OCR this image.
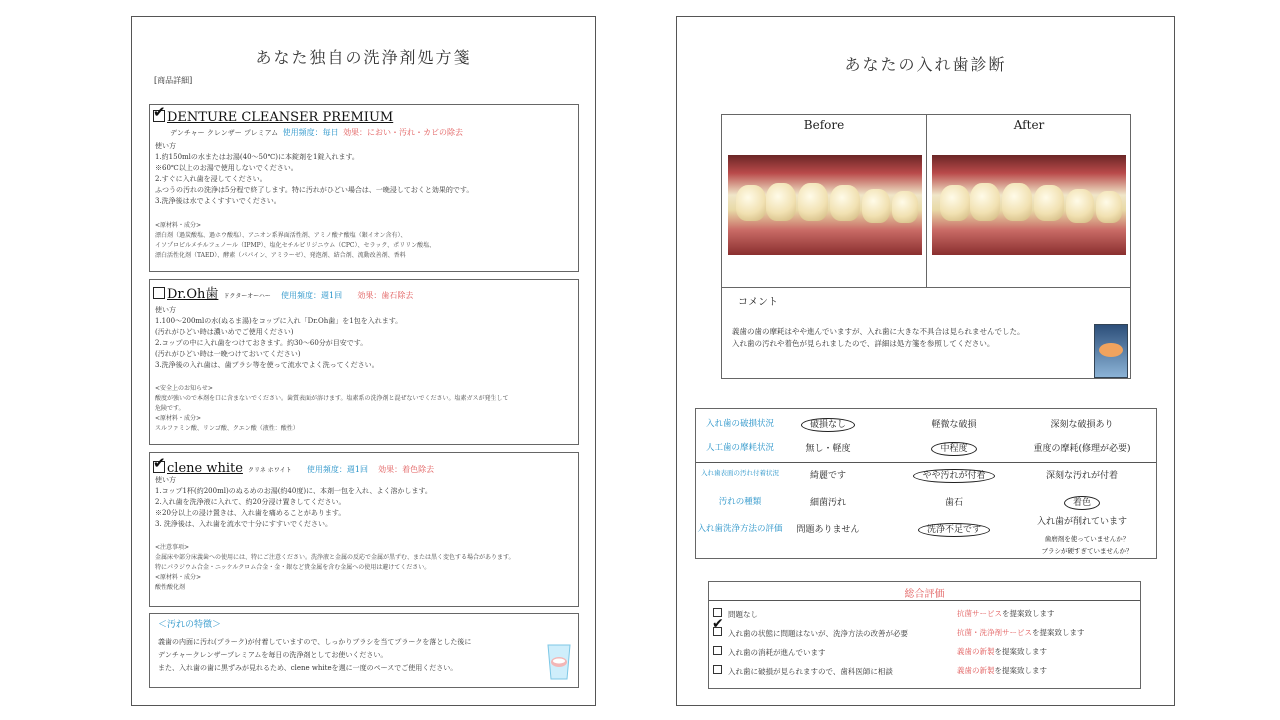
あなた独自の洗浄剤処方箋
[商品詳細]
✔ DENTURE CLEANSER PREMIUM
デンチャー クレンザー プレミアム 使用頻度：毎日 効果：におい・汚れ・カビの除去
使い方
1.約150mlの水またはお湯(40〜50℃)に本錠剤を1錠入れます。
※60℃以上のお湯で使用しないでください。
2.すぐに入れ歯を浸してください。
ふつうの汚れの洗浄は5分程で終了します。特に汚れがひどい場合は、一晩浸しておくと効果的です。
3.洗浄後は水でよくすすいでください。
<原材料・成分>
漂白剤（過炭酸塩、過ホウ酸塩）、アニオン系界面活性剤、アミノ酸ナ酸塩（銀イオン含有）、
イソプロピルメチルフェノール（IPMP）、塩化セチルピリジニウム（CPC）、セラック、ポリリン酸塩、
漂白活性化剤（TAED）、酵素（パパイン、アミラーゼ）、発泡剤、結合剤、流動改善剤、香料
Dr.Oh歯 ドクターオーハー 使用頻度：週1回 効果：歯石除去
使い方
1.100〜200mlの水(ぬるま湯)をコップに入れ「Dr.Oh歯」を1包を入れます。
(汚れがひどい時は濃いめでご使用ください)
2.コップの中に入れ歯をつけておきます。約30〜60分が目安です。
(汚れがひどい時は一晩つけておいてください)
3.洗浄後の入れ歯は、歯ブラシ等を使って流水でよく洗ってください。
<安全上のお知らせ>
酸度が強いので本剤を口に含まないでください。歯質表面が溶けます。塩素系の洗浄剤と混ぜないでください。塩素ガスが発生して
危険です。
<原材料・成分>
スルファミン酸、リンゴ酸、クエン酸（液性：酸性）
✔ clene white クリネ ホワイト 使用頻度：週1回 効果：着色除去
使い方
1.コップ1杯(約200ml)のぬるめのお湯(約40度)に、本剤一包を入れ、よく溶かします。
2.入れ歯を洗浄液に入れて、約20分浸け置きしてください。
※20分以上の浸け置きは、入れ歯を痛めることがあります。
3. 洗浄後は、入れ歯を流水で十分にすすいでください。
<注意事項>
金属床や部分床義歯への使用には、特にご注意ください。洗浄液と金属の反応で金属が黒ずむ、または黒く変色する場合があります。
特にパラジウム合金・ニッケルクロム合金・金・銀など貴金属を含む金属への使用は避けてください。
<原材料・成分>
酸性酸化剤
＜汚れの特徴＞
義歯の内面に汚れ(プラーク)が付着していますので、しっかりブラシを当てプラークを落とした後に
デンチャークレンザープレミアムを毎日の洗浄剤としてお使いください。
また、入れ歯の歯に黒ずみが見れるため、clene whiteを週に一度のペースでご使用ください。
あなたの入れ歯診断
Before	After
コメント
義歯の歯の摩耗はやや進んでいますが、入れ歯に大きな不具合は見られませんでした。
入れ歯の汚れや着色が見られましたので、詳細は処方箋を参照してください。
入れ歯の破損状況	破損なし	軽微な破損	深刻な破損あり
人工歯の摩耗状況	無し・軽度	中程度	重度の摩耗(修理が必要)
入れ歯表面の汚れ付着状況	綺麗です	やや汚れが付着	深刻な汚れが付着
汚れの種類	細菌汚れ	歯石	着色
入れ歯洗浄方法の評価	問題ありません	洗浄不足です
入れ歯が削れています
歯磨剤を使っていませんか？
ブラシが硬すぎていませんか？
総合評価
問題なし	抗菌サービスを提案致します
✔
入れ歯の状態に問題はないが、洗浄方法の改善が必要	抗菌・洗浄剤サービスを提案致します
入れ歯の消耗が進んでいます	義歯の新製を提案致します
入れ歯に破損が見られますので、歯科医師に相談	義歯の新製を提案致します
